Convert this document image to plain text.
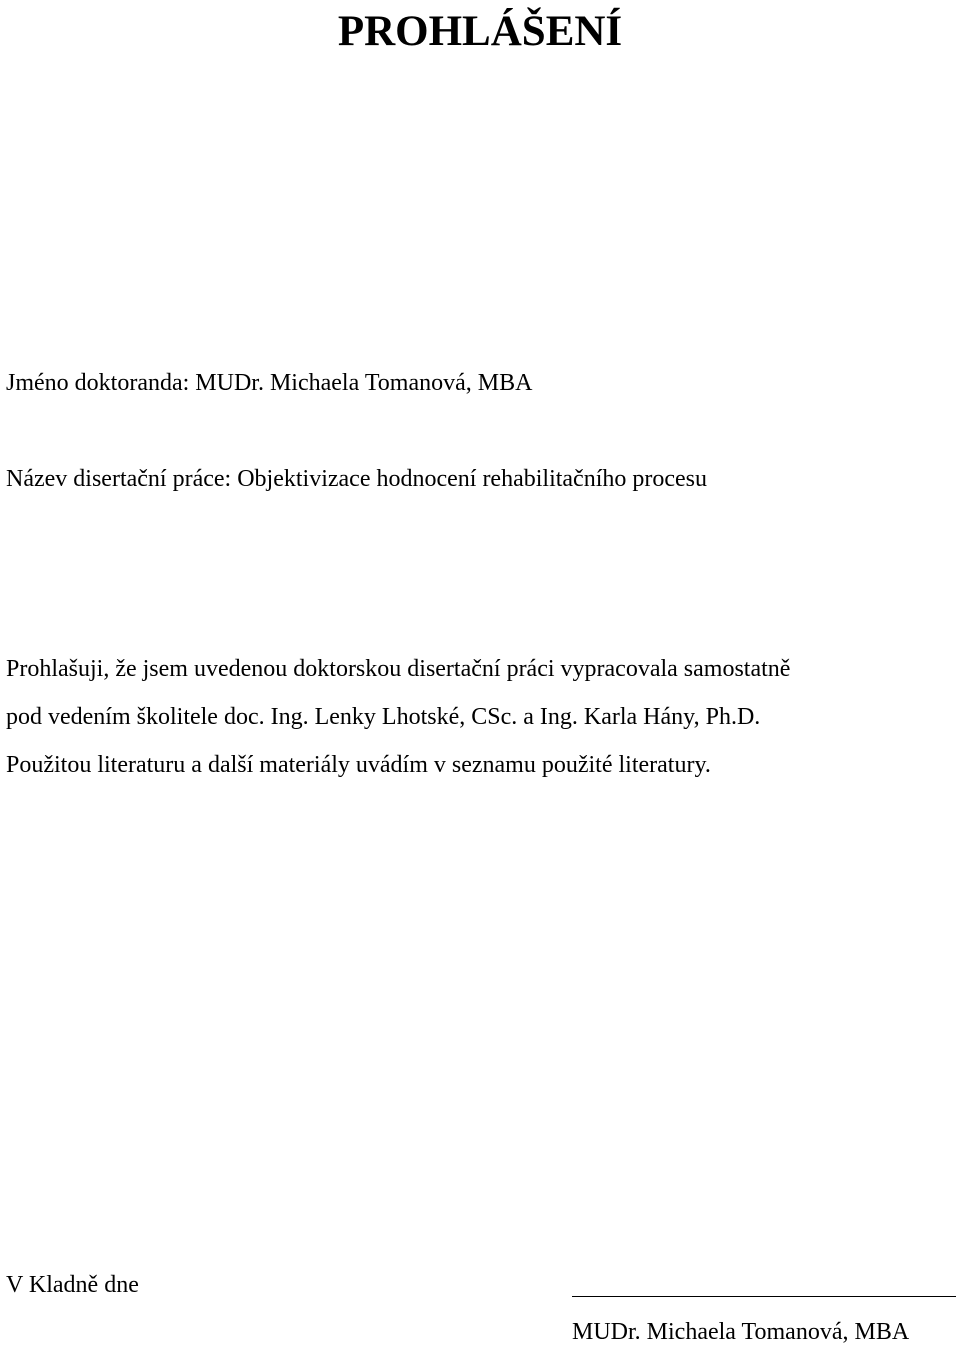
PROHLÁŠENÍ

Jméno doktoranda: MUDr. Michaela Tomanová, MBA

Název disertační práce: Objektivizace hodnocení rehabilitačního procesu

Prohlašuji, že jsem uvedenou doktorskou disertační práci vypracovala samostatně

pod vedením školitele doc. Ing. Lenky Lhotské, CSc. a Ing. Karla Hány, Ph.D.

Použitou literaturu a další materiály uvádím v seznamu použité literatury.

V Kladně dne

MUDr. Michaela Tomanová, MBA
